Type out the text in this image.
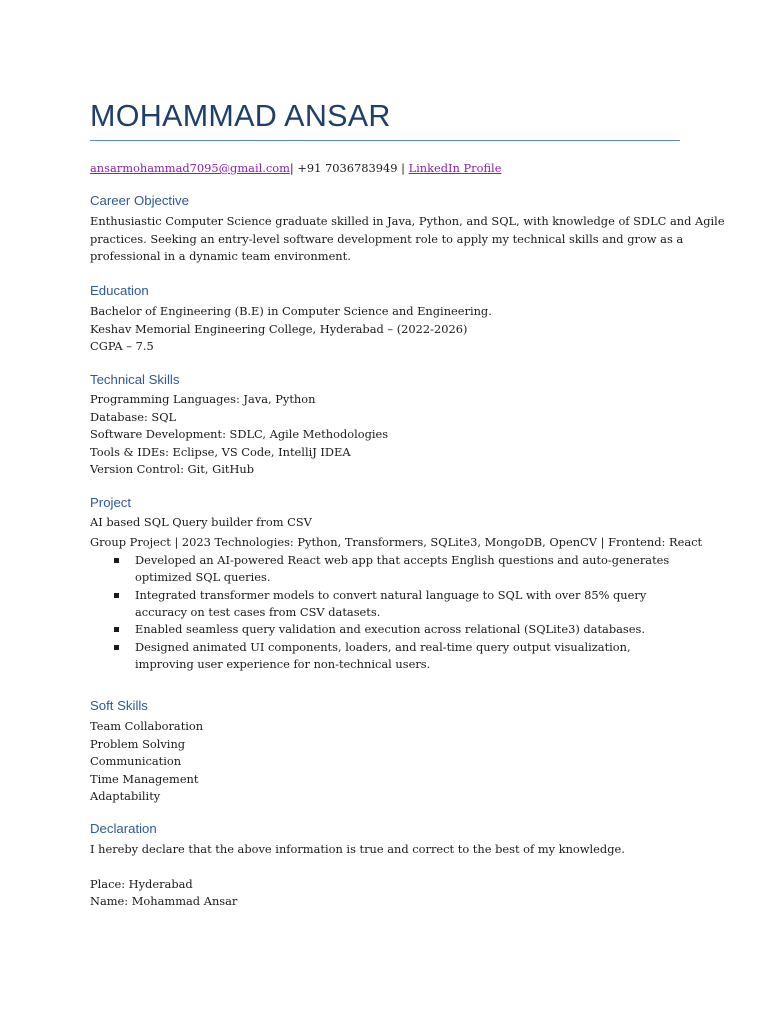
MOHAMMAD ANSAR
ansarmohammad7095@gmail.com| +91 7036783949 | LinkedIn Profile
Career Objective
Enthusiastic Computer Science graduate skilled in Java, Python, and SQL, with knowledge of SDLC and Agile
practices. Seeking an entry-level software development role to apply my technical skills and grow as a
professional in a dynamic team environment.
Education
Bachelor of Engineering (B.E) in Computer Science and Engineering.
Keshav Memorial Engineering College, Hyderabad – (2022-2026)
CGPA – 7.5
Technical Skills
Programming Languages: Java, Python
Database: SQL
Software Development: SDLC, Agile Methodologies
Tools & IDEs: Eclipse, VS Code, IntelliJ IDEA
Version Control: Git, GitHub
Project
AI based SQL Query builder from CSV
Group Project | 2023 Technologies: Python, Transformers, SQLite3, MongoDB, OpenCV | Frontend: React
Developed an AI-powered React web app that accepts English questions and auto-generates optimized SQL queries.
Integrated transformer models to convert natural language to SQL with over 85% query accuracy on test cases from CSV datasets.
Enabled seamless query validation and execution across relational (SQLite3) databases.
Designed animated UI components, loaders, and real-time query output visualization, improving user experience for non-technical users.
Soft Skills
Team Collaboration
Problem Solving
Communication
Time Management
Adaptability
Declaration
I hereby declare that the above information is true and correct to the best of my knowledge.
Place: Hyderabad
Name: Mohammad Ansar
